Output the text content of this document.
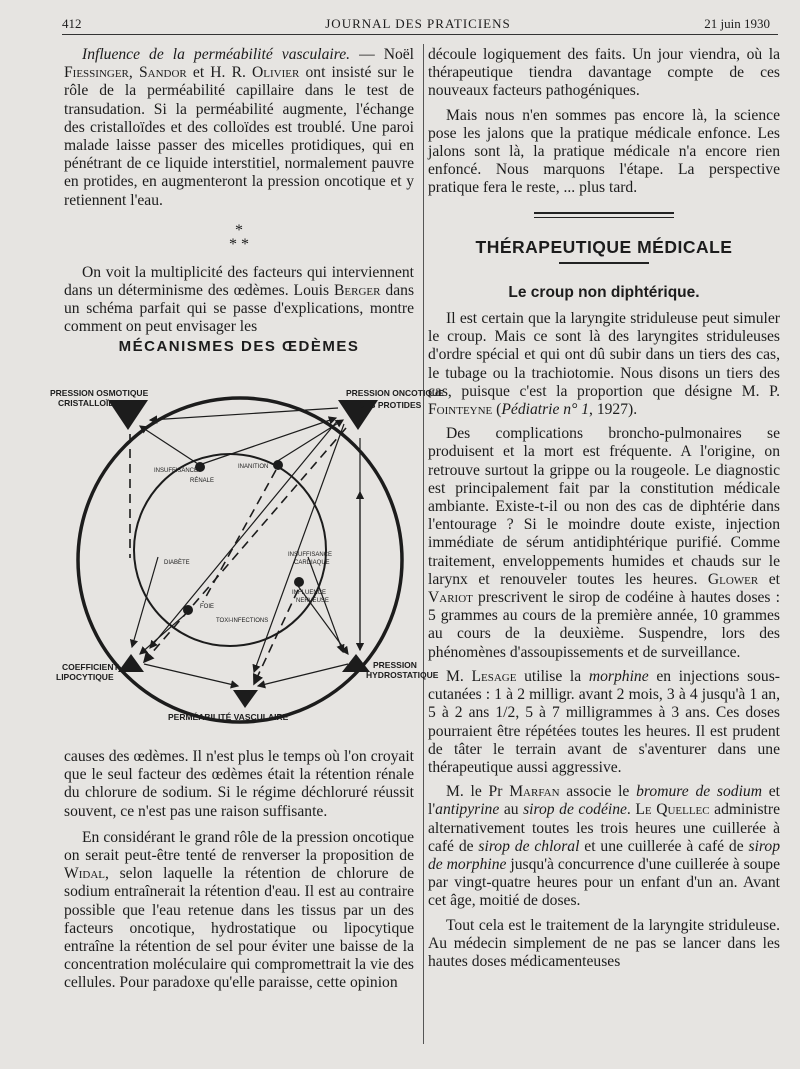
412	JOURNAL DES PRATICIENS	21 juin 1930

Influence de la perméabilité vasculaire. — Noël Fiessinger, Sandor et H. R. Olivier ont insisté sur le rôle de la perméabilité capillaire dans le test de transudation. Si la perméabilité augmente, l'échange des cristalloïdes et des colloïdes est troublé. Une paroi malade laisse passer des micelles protidiques, qui en pénétrant de ce liquide interstitiel, normalement pauvre en protides, en augmenteront la pression oncotique et y retiennent l'eau.

*
* *

On voit la multiplicité des facteurs qui interviennent dans un déterminisme des œdèmes. Louis Berger dans un schéma parfait qui se passe d'explications, montre comment on peut envisager les

MÉCANISMES DES ŒDÈMES
PRESSION OSMOTIQUE
CRISTALLOÏDE
PRESSION ONCOTIQUE
DES PROTIDES
COEFFICIENT
LIPOCYTIQUE
PRESSION
HYDROSTATIQUE
PERMÉABILITÉ VASCULAIRE
INSUFFISANCE
RÉNALE
INANITION
DIABÈTE
INSUFFISANCE
CARDIAQUE
INFLUENCE
NERVEUSE
FOIE
TOXI-INFECTIONS

causes des œdèmes. Il n'est plus le temps où l'on croyait que le seul facteur des œdèmes était la rétention rénale du chlorure de sodium. Si le régime déchloruré réussit souvent, ce n'est pas une raison suffisante.

En considérant le grand rôle de la pression oncotique on serait peut-être tenté de renverser la proposition de Widal, selon laquelle la rétention de chlorure de sodium entraînerait la rétention d'eau. Il est au contraire possible que l'eau retenue dans les tissus par un des facteurs oncotique, hydrostatique ou lipocytique entraîne la rétention de sel pour éviter une baisse de la concentration moléculaire qui compromettrait la vie des cellules. Pour paradoxe qu'elle paraisse, cette opinion

découle logiquement des faits. Un jour viendra, où la thérapeutique tiendra davantage compte de ces nouveaux facteurs pathogéniques.

Mais nous n'en sommes pas encore là, la science pose les jalons que la pratique médicale enfonce. Les jalons sont là, la pratique médicale n'a encore rien enfoncé. Nous marquons l'étape. La perspective pratique fera le reste, ... plus tard.

THÉRAPEUTIQUE MÉDICALE
Le croup non diphtérique.

Il est certain que la laryngite striduleuse peut simuler le croup. Mais ce sont là des laryngites striduleuses d'ordre spécial et qui ont dû subir dans un tiers des cas, le tubage ou la trachiotomie. Nous disons un tiers des cas, puisque c'est la proportion que désigne M. P. Fointeyne (Pédiatrie n° 1, 1927).

Des complications broncho-pulmonaires se produisent et la mort est fréquente. A l'origine, on retrouve surtout la grippe ou la rougeole. Le diagnostic est principalement fait par la constitution médicale ambiante. Existe-t-il ou non des cas de diphtérie dans l'entourage ? Si le moindre doute existe, injection immédiate de sérum antidiphtérique purifié. Comme traitement, enveloppements humides et chauds sur le larynx et renouveler toutes les heures. Glower et Variot prescrivent le sirop de codéine à hautes doses : 5 grammes au cours de la première année, 10 grammes au cours de la deuxième. Suspendre, lors des phénomènes d'assoupissements et de surveillance.

M. Lesage utilise la morphine en injections sous-cutanées : 1 à 2 milligr. avant 2 mois, 3 à 4 jusqu'à 1 an, 5 à 2 ans 1/2, 5 à 7 milligrammes à 3 ans. Ces doses pourraient être répétées toutes les heures. Il est prudent de tâter le terrain avant de s'aventurer dans une thérapeutique aussi aggressive.

M. le Pr Marfan associe le bromure de sodium et l'antipyrine au sirop de codéine. Le Quellec administre alternativement toutes les trois heures une cuillerée à café de sirop de chloral et une cuillerée à café de sirop de morphine jusqu'à concurrence d'une cuillerée à soupe par vingt-quatre heures pour un enfant d'un an. Avant cet âge, moitié de doses.

Tout cela est le traitement de la laryngite striduleuse. Au médecin simplement de ne pas se lancer dans les hautes doses médicamenteuses
